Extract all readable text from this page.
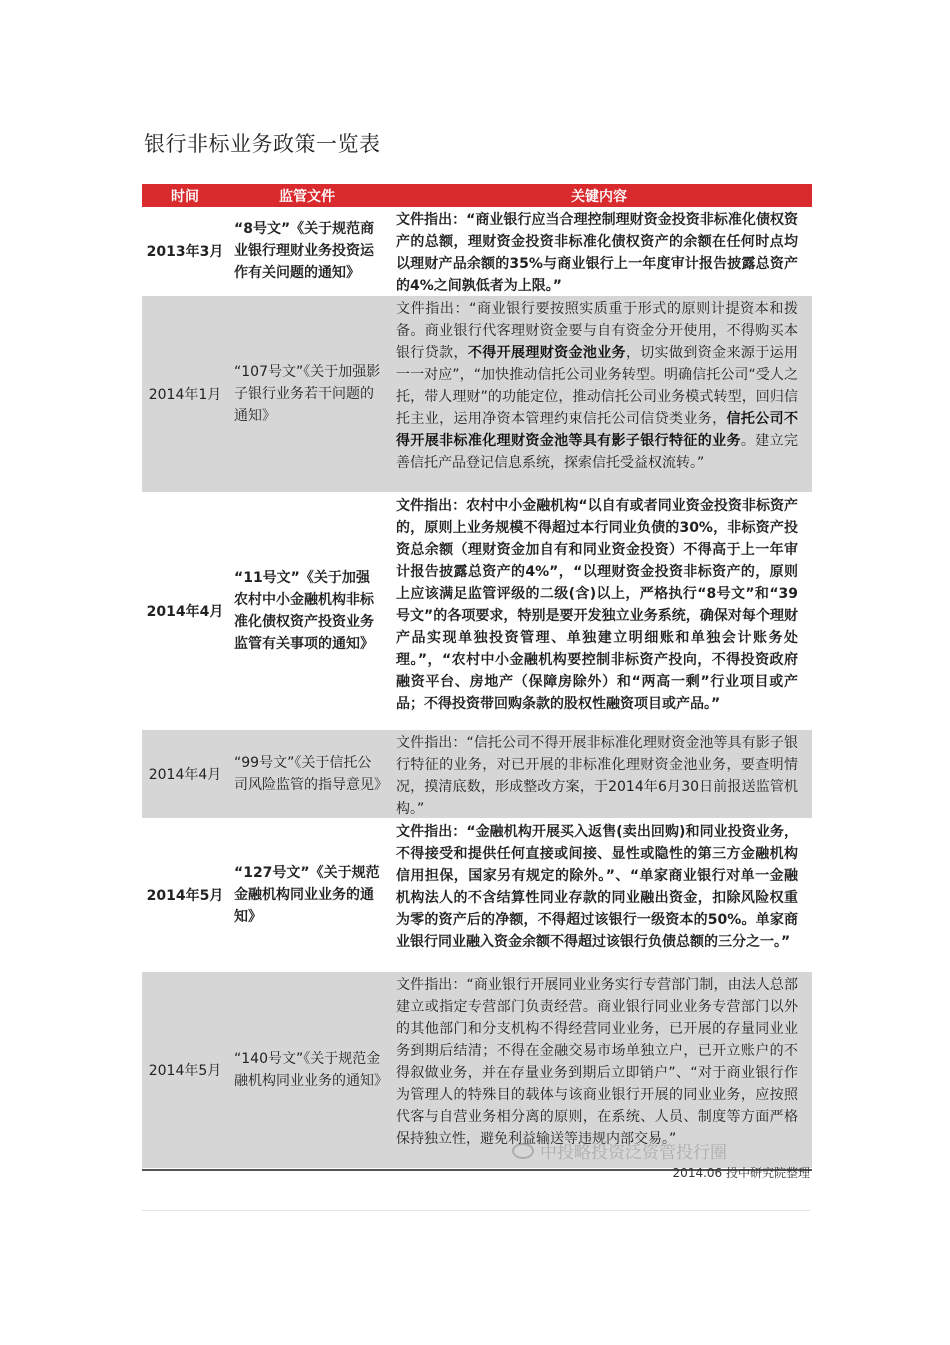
银行非标业务政策一览表
时间	监管文件	关键内容
2013年3月
“8号文”《关于规范商业银行理财业务投资运作有关问题的通知》
文件指出：“商业银行应当合理控制理财资金投资非标准化债权资产的总额，理财资金投资非标准化债权资产的余额在任何时点均以理财产品余额的35%与商业银行上一年度审计报告披露总资产的4%之间孰低者为上限。”
2014年1月
“107号文”《关于加强影子银行业务若干问题的通知》
文件指出：“商业银行要按照实质重于形式的原则计提资本和拨备。商业银行代客理财资金要与自有资金分开使用，不得购买本银行贷款，不得开展理财资金池业务，切实做到资金来源于运用一一对应”，“加快推动信托公司业务转型。明确信托公司“受人之托，带人理财”的功能定位，推动信托公司业务模式转型，回归信托主业，运用净资本管理约束信托公司信贷类业务，信托公司不得开展非标准化理财资金池等具有影子银行特征的业务。建立完善信托产品登记信息系统，探索信托受益权流转。”
2014年4月
“11号文”《关于加强农村中小金融机构非标准化债权资产投资业务监管有关事项的通知》
文件指出：农村中小金融机构“以自有或者同业资金投资非标资产的，原则上业务规模不得超过本行同业负债的30%，非标资产投资总余额（理财资金加自有和同业资金投资）不得高于上一年审计报告披露总资产的4%”，“以理财资金投资非标资产的，原则上应该满足监管评级的二级(含)以上，严格执行“8号文”和“39号文”的各项要求，特别是要开发独立业务系统，确保对每个理财产品实现单独投资管理、单独建立明细账和单独会计账务处理。”，“农村中小金融机构要控制非标资产投向，不得投资政府融资平台、房地产（保障房除外）和“两高一剩”行业项目或产品；不得投资带回购条款的股权性融资项目或产品。”
2014年4月
“99号文”《关于信托公司风险监管的指导意见》
文件指出：“信托公司不得开展非标准化理财资金池等具有影子银行特征的业务，对已开展的非标准化理财资金池业务，要查明情况，摸清底数，形成整改方案，于2014年6月30日前报送监管机构。”
2014年5月
“127号文”《关于规范金融机构同业业务的通知》
文件指出：“金融机构开展买入返售(卖出回购)和同业投资业务，不得接受和提供任何直接或间接、显性或隐性的第三方金融机构信用担保，国家另有规定的除外。”、“单家商业银行对单一金融机构法人的不含结算性同业存款的同业融出资金，扣除风险权重为零的资产后的净额，不得超过该银行一级资本的50%。单家商业银行同业融入资金余额不得超过该银行负债总额的三分之一。”
2014年5月
“140号文”《关于规范金融机构同业业务的通知》
文件指出：“商业银行开展同业业务实行专营部门制，由法人总部建立或指定专营部门负责经营。商业银行同业业务专营部门以外的其他部门和分支机构不得经营同业业务，已开展的存量同业业务到期后结清；不得在金融交易市场单独立户，已开立账户的不得叙做业务，并在存量业务到期后立即销户”、“对于商业银行作为管理人的特殊目的载体与该商业银行开展的同业业务，应按照代客与自营业务相分离的原则，在系统、人员、制度等方面严格保持独立性，避免利益输送等违规内部交易。”
中投略投资泛资管投行圈
2014.06 投中研究院整理
